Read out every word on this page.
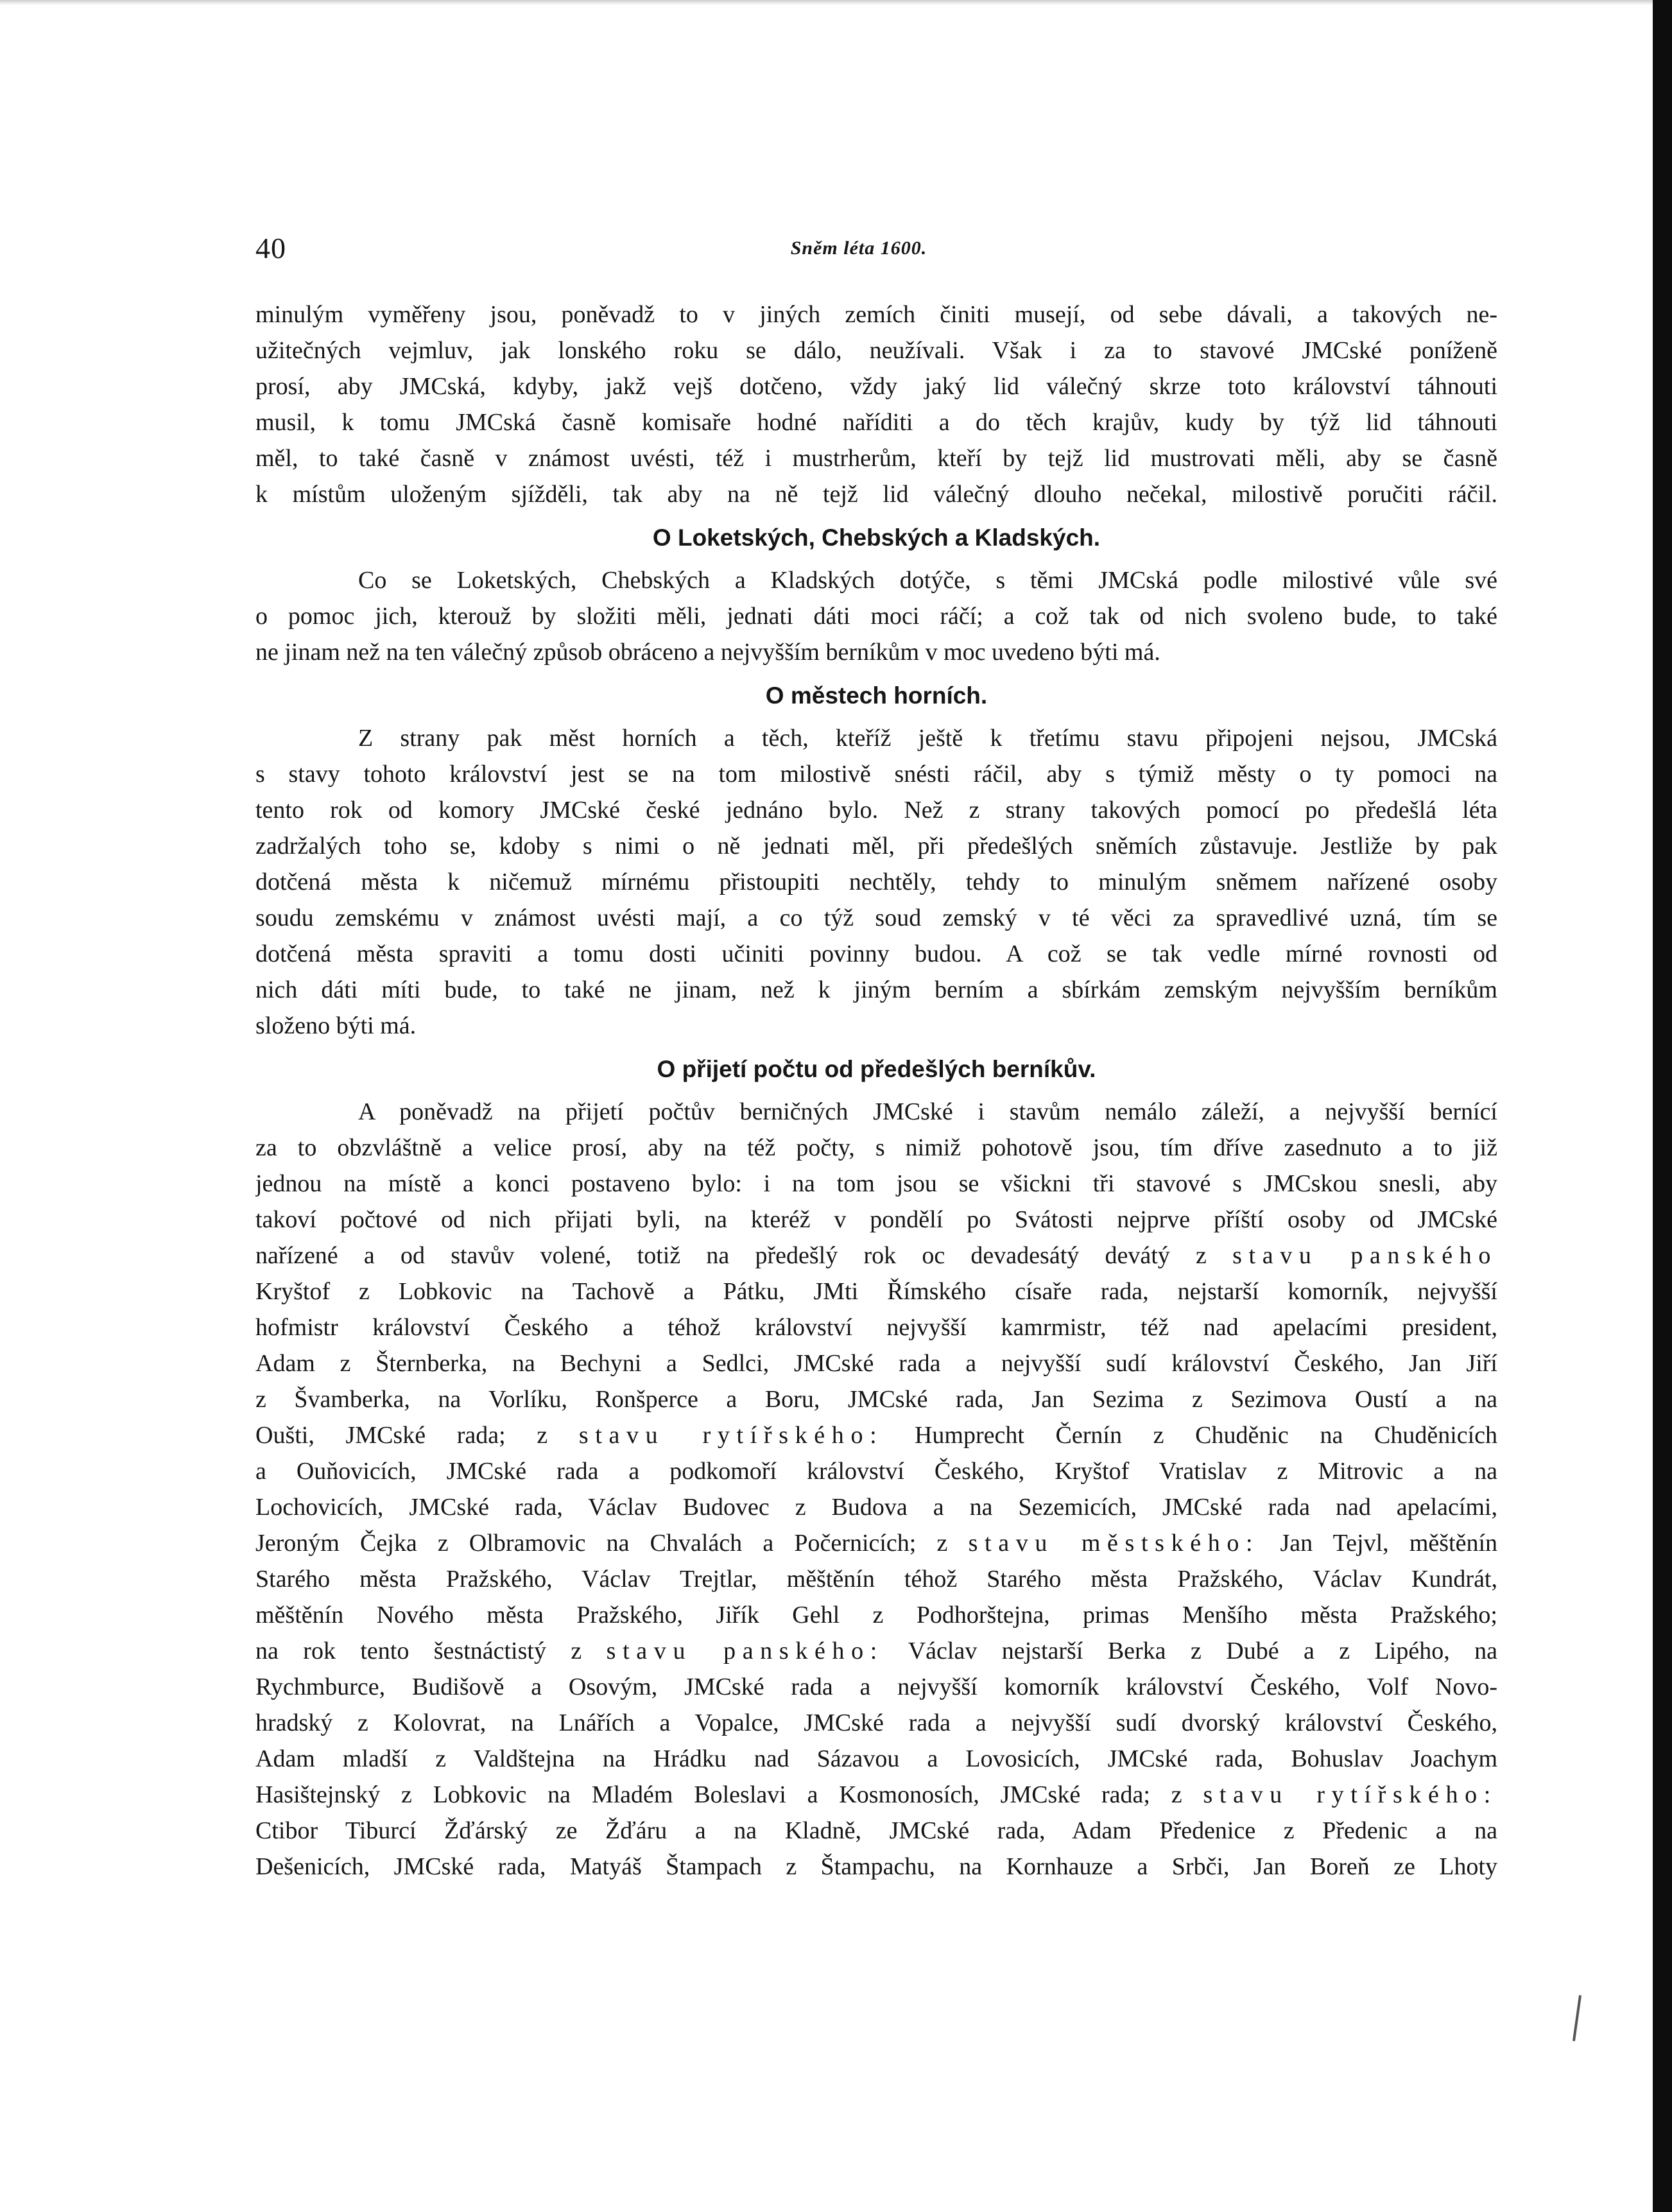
40	Sněm léta 1600.
minulým vyměřeny jsou, poněvadž to v jiných zemích činiti musejí, od sebe dávali, a takových ne-
užitečných vejmluv, jak lonského roku se dálo, neužívali. Však i za to stavové JMCské poníženě
prosí, aby JMCská, kdyby, jakž vejš dotčeno, vždy jaký lid válečný skrze toto království táhnouti
musil, k tomu JMCská časně komisaře hodné naříditi a do těch krajův, kudy by týž lid táhnouti
měl, to také časně v známost uvésti, též i mustrherům, kteří by tejž lid mustrovati měli, aby se časně
k místům uloženým sjížděli, tak aby na ně tejž lid válečný dlouho nečekal, milostivě poručiti ráčil.
O Loketských, Chebských a Kladských.
Co se Loketských, Chebských a Kladských dotýče, s těmi JMCská podle milostivé vůle své
o pomoc jich, kterouž by složiti měli, jednati dáti moci ráčí; a což tak od nich svoleno bude, to také
ne jinam než na ten válečný způsob obráceno a nejvyšším berníkům v moc uvedeno býti má.
O městech horních.
Z strany pak měst horních a těch, kteříž ještě k třetímu stavu připojeni nejsou, JMCská
s stavy tohoto království jest se na tom milostivě snésti ráčil, aby s týmiž městy o ty pomoci na
tento rok od komory JMCské české jednáno bylo. Než z strany takových pomocí po předešlá léta
zadržalých toho se, kdoby s nimi o ně jednati měl, při předešlých sněmích zůstavuje. Jestliže by pak
dotčená města k ničemuž mírnému přistoupiti nechtěly, tehdy to minulým sněmem nařízené osoby
soudu zemskému v známost uvésti mají, a co týž soud zemský v té věci za spravedlivé uzná, tím se
dotčená města spraviti a tomu dosti učiniti povinny budou. A což se tak vedle mírné rovnosti od
nich dáti míti bude, to také ne jinam, než k jiným berním a sbírkám zemským nejvyšším berníkům
složeno býti má.
O přijetí počtu od předešlých berníkův.
A poněvadž na přijetí počtův berničných JMCské i stavům nemálo záleží, a nejvyšší bernící
za to obzvláštně a velice prosí, aby na též počty, s nimiž pohotově jsou, tím dříve zasednuto a to již
jednou na místě a konci postaveno bylo: i na tom jsou se všickni tři stavové s JMCskou snesli, aby
takoví počtové od nich přijati byli, na kteréž v pondělí po Svátosti nejprve příští osoby od JMCské
nařízené a od stavův volené, totiž na předešlý rok oc devadesátý devátý z stavu panského
Kryštof z Lobkovic na Tachově a Pátku, JMti Římského císaře rada, nejstarší komorník, nejvyšší
hofmistr království Českého a téhož království nejvyšší kamrmistr, též nad apelacími president,
Adam z Šternberka, na Bechyni a Sedlci, JMCské rada a nejvyšší sudí království Českého, Jan Jiří
z Švamberka, na Vorlíku, Ronšperce a Boru, JMCské rada, Jan Sezima z Sezimova Oustí a na
Oušti, JMCské rada; z stavu rytířského: Humprecht Černín z Chuděnic na Chuděnicích
a Ouňovicích, JMCské rada a podkomoří království Českého, Kryštof Vratislav z Mitrovic a na
Lochovicích, JMCské rada, Václav Budovec z Budova a na Sezemicích, JMCské rada nad apelacími,
Jeroným Čejka z Olbramovic na Chvalách a Počernicích; z stavu městského: Jan Tejvl, měštěnín
Starého města Pražského, Václav Trejtlar, měštěnín téhož Starého města Pražského, Václav Kundrát,
měštěnín Nového města Pražského, Jiřík Gehl z Podhorštejna, primas Menšího města Pražského;
na rok tento šestnáctistý z stavu panského: Václav nejstarší Berka z Dubé a z Lipého, na
Rychmburce, Budišově a Osovým, JMCské rada a nejvyšší komorník království Českého, Volf Novo-
hradský z Kolovrat, na Lnářích a Vopalce, JMCské rada a nejvyšší sudí dvorský království Českého,
Adam mladší z Valdštejna na Hrádku nad Sázavou a Lovosicích, JMCské rada, Bohuslav Joachym
Hasištejnský z Lobkovic na Mladém Boleslavi a Kosmonosích, JMCské rada; z stavu rytířského:
Ctibor Tiburcí Žďárský ze Žďáru a na Kladně, JMCské rada, Adam Předenice z Předenic a na
Dešenicích, JMCské rada, Matyáš Štampach z Štampachu, na Kornhauze a Srbči, Jan Boreň ze Lhoty
